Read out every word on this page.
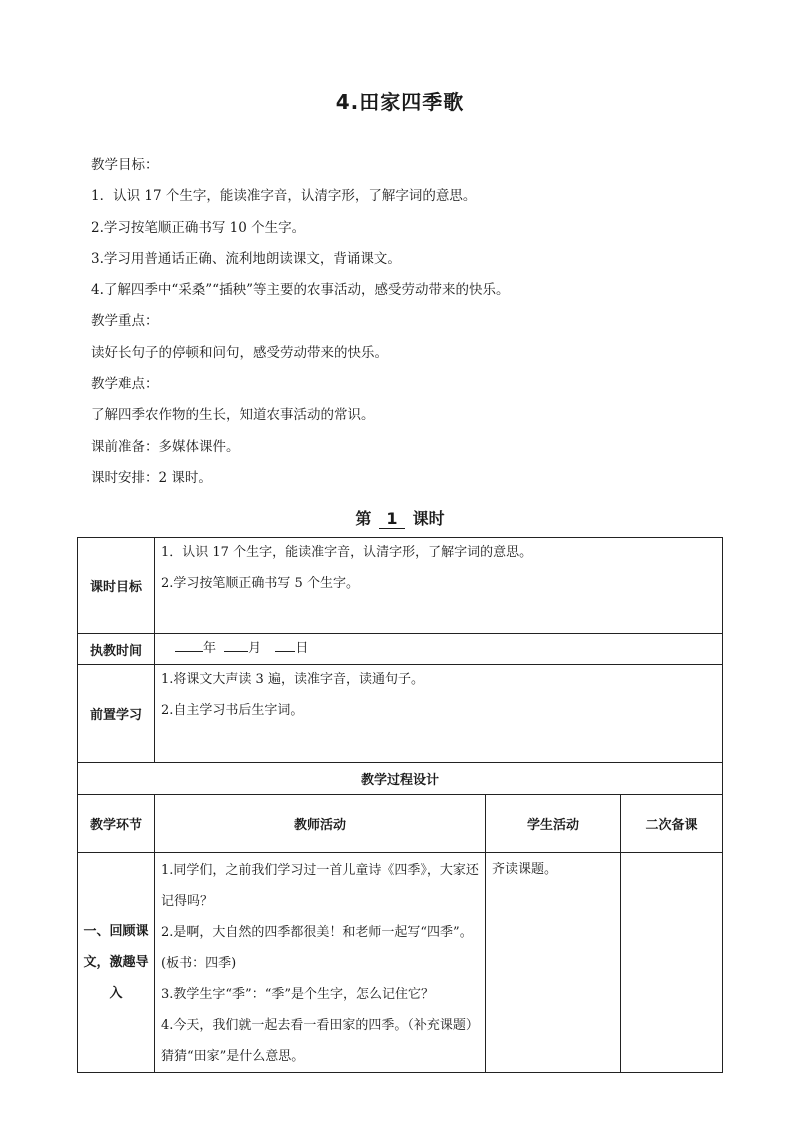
4.田家四季歌

教学目标：

1．认识 17 个生字，能读准字音，认清字形，了解字词的意思。

2.学习按笔顺正确书写 10 个生字。

3.学习用普通话正确、流利地朗读课文，背诵课文。

4.了解四季中“采桑”“插秧”等主要的农事活动，感受劳动带来的快乐。

教学重点：

读好长句子的停顿和问句，感受劳动带来的快乐。

教学难点：

了解四季农作物的生长，知道农事活动的常识。

课前准备：多媒体课件。

课时安排：2 课时。

第 1 课时
课时目标	1．认识 17 个生字，能读准字音，认清字形，了解字词的意思。
2.学习按笔顺正确书写 5 个生字。		

执教时间	年 月 日		

前置学习	1.将课文大声读 3 遍，读准字音，读通句子。
2.自主学习书后生字词。		

教学过程设计			
教学环节	教师活动	学生活动	二次备课
一、回顾课文，激趣导入	1.同学们，之前我们学习过一首儿童诗《四季》，大家还记得吗？
2.是啊，大自然的四季都很美！和老师一起写“四季”。(板书：四季)
3.教学生字“季”：“季”是个生字，怎么记住它？
4.今天，我们就一起去看一看田家的四季。（补充课题）猜猜“田家”是什么意思。	齐读课题。	
